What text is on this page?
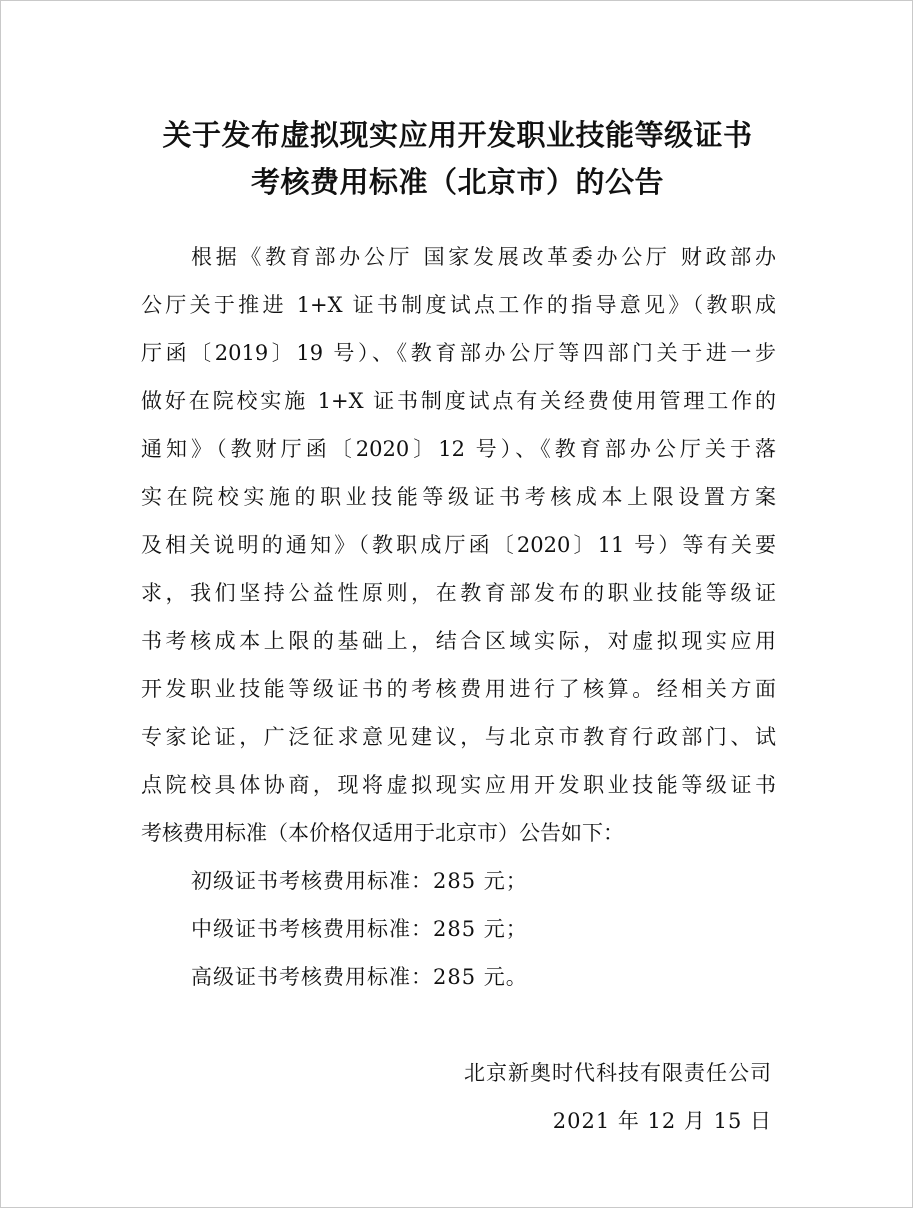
关于发布虚拟现实应用开发职业技能等级证书
考核费用标准（北京市）的公告
根据《教育部办公厅 国家发展改革委办公厅 财政部办
公厅关于推进 1+X 证书制度试点工作的指导意见》（教职成
厅函〔2019〕19 号）、《教育部办公厅等四部门关于进一步
做好在院校实施 1+X 证书制度试点有关经费使用管理工作的
通知》（教财厅函〔2020〕12 号）、《教育部办公厅关于落
实在院校实施的职业技能等级证书考核成本上限设置方案
及相关说明的通知》（教职成厅函〔2020〕11 号）等有关要
求，我们坚持公益性原则，在教育部发布的职业技能等级证
书考核成本上限的基础上，结合区域实际，对虚拟现实应用
开发职业技能等级证书的考核费用进行了核算。经相关方面
专家论证，广泛征求意见建议，与北京市教育行政部门、试
点院校具体协商，现将虚拟现实应用开发职业技能等级证书
考核费用标准（本价格仅适用于北京市）公告如下：
初级证书考核费用标准：285 元；
中级证书考核费用标准：285 元；
高级证书考核费用标准：285 元。
北京新奥时代科技有限责任公司
2021 年 12 月 15 日
